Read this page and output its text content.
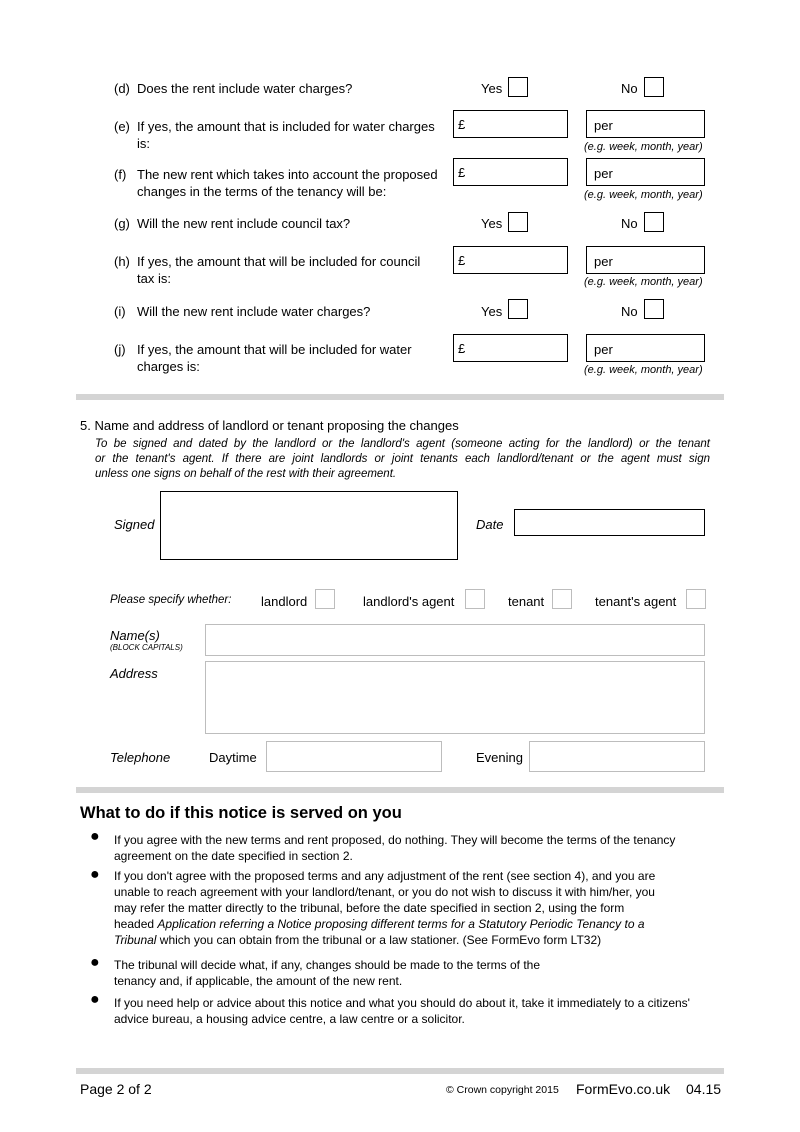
(d) Does the rent include water charges?	Yes	No
(e) If yes, the amount that is included for water charges
is:
£	per
(e.g. week, month, year)
(f) The new rent which takes into account the proposed
changes in the terms of the tenancy will be:
£	per
(e.g. week, month, year)
(g) Will the new rent include council tax?	Yes	No
(h) If yes, the amount that will be included for council
tax is:
£	per
(e.g. week, month, year)
(i) Will the new rent include water charges?	Yes	No
(j) If yes, the amount that will be included for water
charges is:
£	per
(e.g. week, month, year)
5. Name and address of landlord or tenant proposing the changes
To be signed and dated by the landlord or the landlord's agent (someone acting for the landlord) or the tenant
or the tenant's agent. If there are joint landlords or joint tenants each landlord/tenant or the agent must sign
unless one signs on behalf of the rest with their agreement.
Signed	Date
Please specify whether: landlord	landlord's agent	tenant	tenant's agent
Name(s)
(BLOCK CAPITALS)
Address
Telephone	Daytime	Evening
What to do if this notice is served on you
● If you agree with the new terms and rent proposed, do nothing. They will become the terms of the tenancy
agreement on the date specified in section 2.
● If you don't agree with the proposed terms and any adjustment of the rent (see section 4), and you are
unable to reach agreement with your landlord/tenant, or you do not wish to discuss it with him/her, you
may refer the matter directly to the tribunal, before the date specified in section 2, using the form
headed Application referring a Notice proposing different terms for a Statutory Periodic Tenancy to a
Tribunal which you can obtain from the tribunal or a law stationer. (See FormEvo form LT32)
● The tribunal will decide what, if any, changes should be made to the terms of the
tenancy and, if applicable, the amount of the new rent.
● If you need help or advice about this notice and what you should do about it, take it immediately to a citizens'
advice bureau, a housing advice centre, a law centre or a solicitor.
Page 2 of 2	© Crown copyright 2015 FormEvo.co.uk 04.15
